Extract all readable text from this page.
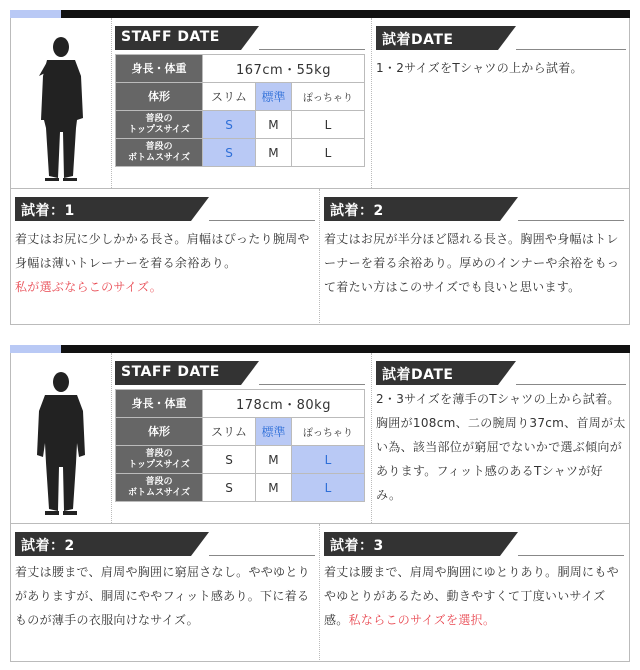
STAFF DATE
身長・体重	167cm・55kg		
体形	スリム	標準	ぽっちゃり
普段の
トップスサイズ	S	M	L
普段の
ボトムスサイズ	S	M	L
試着DATE

1・2サイズをTシャツの上から試着。

試着：1

着丈はお尻に少しかかる長さ。肩幅はぴったり腕周や身幅は薄いトレーナーを着る余裕あり。
私が選ぶならこのサイズ。

試着：2

着丈はお尻が半分ほど隠れる長さ。胸囲や身幅はトレーナーを着る余裕あり。厚めのインナーや余裕をもって着たい方はこのサイズでも良いと思います。

STAFF DATE
身長・体重	178cm・80kg		
体形	スリム	標準	ぽっちゃり
普段の
トップスサイズ	S	M	L
普段の
ボトムスサイズ	S	M	L
試着DATE

2・3サイズを薄手のTシャツの上から試着。胸囲が108cm、二の腕周り37cm、首周が太い為、該当部位が窮屈でないかで選ぶ傾向があります。フィット感のあるTシャツが好み。

試着：2

着丈は腰まで、肩周や胸囲に窮屈さなし。ややゆとりがありますが、胴周にややフィット感あり。下に着るものが薄手の衣服向けなサイズ。

試着：3

着丈は腰まで、肩周や胸囲にゆとりあり。胴周にもややゆとりがあるため、動きやすくて丁度いいサイズ感。私ならこのサイズを選択。
